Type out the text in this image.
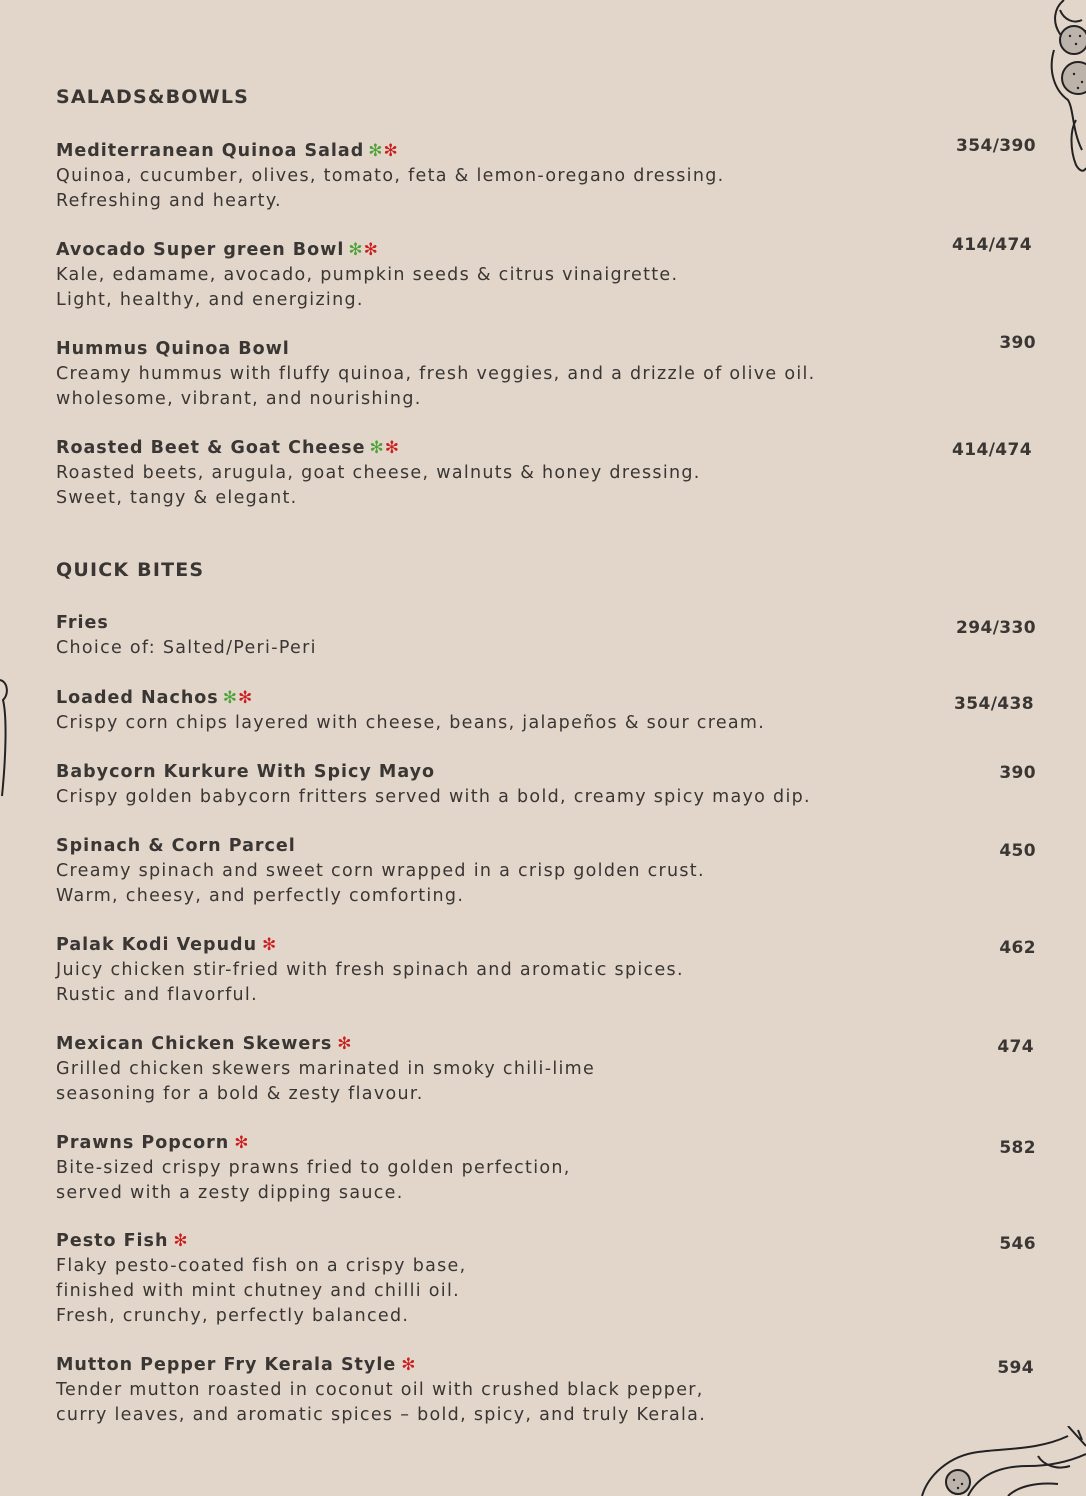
SALADS&BOWLS
Mediterranean Quinoa Salad ✻✻
Quinoa, cucumber, olives, tomato, feta & lemon-oregano dressing.
Refreshing and hearty.
354/390
Avocado Super green Bowl ✻✻
Kale, edamame, avocado, pumpkin seeds & citrus vinaigrette.
Light, healthy, and energizing.
414/474
Hummus Quinoa Bowl
Creamy hummus with fluffy quinoa, fresh veggies, and a drizzle of olive oil.
wholesome, vibrant, and nourishing.
390
Roasted Beet & Goat Cheese ✻✻
Roasted beets, arugula, goat cheese, walnuts & honey dressing.
Sweet, tangy & elegant.
414/474
QUICK BITES
Fries
Choice of: Salted/Peri-Peri
294/330
Loaded Nachos ✻✻
Crispy corn chips layered with cheese, beans, jalapeños & sour cream.
354/438
Babycorn Kurkure With Spicy Mayo
Crispy golden babycorn fritters served with a bold, creamy spicy mayo dip.
390
Spinach & Corn Parcel
Creamy spinach and sweet corn wrapped in a crisp golden crust.
Warm, cheesy, and perfectly comforting.
450
Palak Kodi Vepudu ✻
Juicy chicken stir-fried with fresh spinach and aromatic spices.
Rustic and flavorful.
462
Mexican Chicken Skewers ✻
Grilled chicken skewers marinated in smoky chili-lime
seasoning for a bold & zesty flavour.
474
Prawns Popcorn ✻
Bite-sized crispy prawns fried to golden perfection,
served with a zesty dipping sauce.
582
Pesto Fish ✻
Flaky pesto-coated fish on a crispy base,
finished with mint chutney and chilli oil.
Fresh, crunchy, perfectly balanced.
546
Mutton Pepper Fry Kerala Style ✻
Tender mutton roasted in coconut oil with crushed black pepper,
curry leaves, and aromatic spices – bold, spicy, and truly Kerala.
594
